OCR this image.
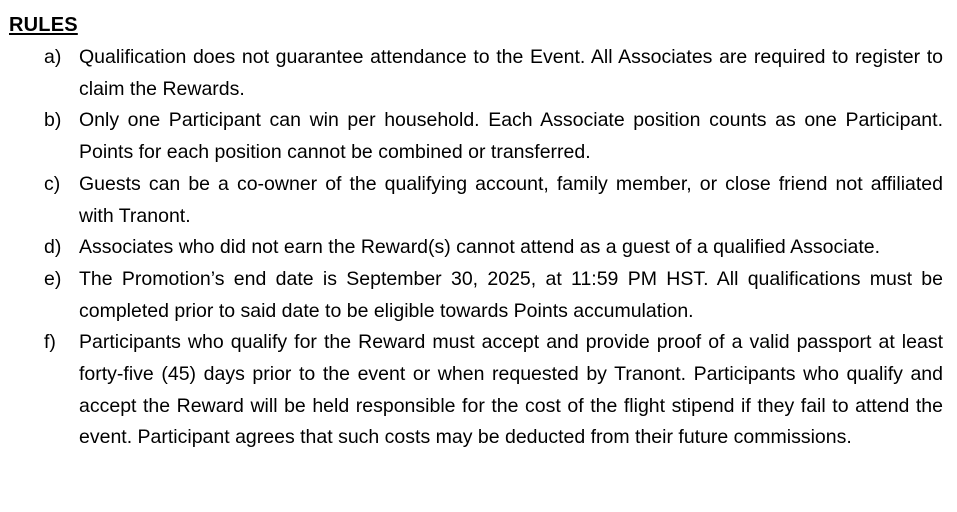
RULES
a) Qualification does not guarantee attendance to the Event. All Associates are required to register to claim the Rewards.
b) Only one Participant can win per household. Each Associate position counts as one Participant. Points for each position cannot be combined or transferred.
c) Guests can be a co-owner of the qualifying account, family member, or close friend not affiliated with Tranont.
d) Associates who did not earn the Reward(s) cannot attend as a guest of a qualified Associate.
e) The Promotion’s end date is September 30, 2025, at 11:59 PM HST. All qualifications must be completed prior to said date to be eligible towards Points accumulation.
f) Participants who qualify for the Reward must accept and provide proof of a valid passport at least forty-five (45) days prior to the event or when requested by Tranont. Participants who qualify and accept the Reward will be held responsible for the cost of the flight stipend if they fail to attend the event. Participant agrees that such costs may be deducted from their future commissions.
